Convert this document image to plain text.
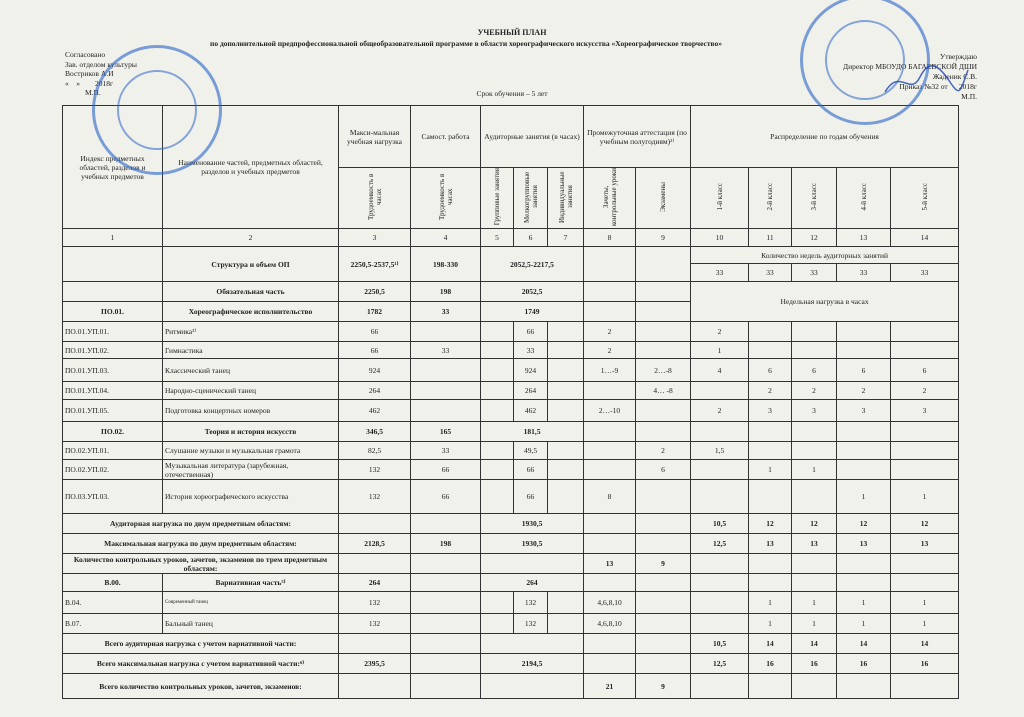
УЧЕБНЫЙ ПЛАН
по дополнительной предпрофессиональной общеобразовательной программе в области хореографического искусства «Хореографическое творчество»
Согласовано
Зав. отделом культуры
Востриков А.И
«    »        2018г
М.П.
Утверждаю
Директор МБОУДО БАГАЕВСКОЙ ДШИ
Жаденик С.В.
Приказ №32 от      2018г
М.П.
Срок обучения – 5 лет
Индекс предметных областей, разделов и учебных предметов	Наименование частей, предметных областей, разделов и учебных предметов	Макси-мальная учебная нагрузка	Самост. работа	Аудиторные занятия (в часах)			Промежуточная аттестация (по учебным полугодиям)²⁾		Распределение по годам обучения				
		Трудоемкость в часах	Трудоемкость в часах	Групповые занятия	Мелкогрупповые занятия	Индивидуальные занятия	Зачеты, контрольные уроки	Экзамены	1-й класс	2-й класс	3-й класс	4-й класс	5-й класс
1	2	3	4	5	6	7	8	9	10	11	12	13	14
	Структура и объем ОП	2250,5-2537,5¹⁾	198-330	2052,5-2217,5					Количество недель аудиторных занятий				
									33	33	33	33	33
	Обязательная часть	2250,5	198	2052,5					Недельная нагрузка в часах				
ПО.01.	Хореографическое исполнительство	1782	33	1749									
ПО.01.УП.01.	Ритмика³⁾	66			66		2		2				
ПО.01.УП.02.	Гимнастика	66	33		33		2		1				
ПО.01.УП.03.	Классический танец	924			924		1…-9	2…-8	4	6	6	6	6
ПО.01.УП.04.	Народно-сценический танец	264			264			4… -8		2	2	2	2
ПО.01.УП.05.	Подготовка концертных номеров	462			462		2…-10		2	3	3	3	3
ПО.02.	Теория и история искусств	346,5	165	181,5									
ПО.02.УП.01.	Слушание музыки и музыкальная грамота	82,5	33		49,5			2	1,5				
ПО.02.УП.02.	Музыкальная литература (зарубежная, отечественная)	132	66		66			6		1	1		
ПО.03.УП.03.	История хореографического искусства	132	66		66		8					1	1
Аудиторная нагрузка по двум предметным областям:				1930,5					10,5	12	12	12	12
Максимальная нагрузка по двум предметным областям:		2128,5	198	1930,5					12,5	13	13	13	13
Количество контрольных уроков, зачетов, экзаменов по трем предметным областям:							13	9					
В.00.	Вариативная часть⁵⁾	264		264									
В.04.	Современный танец	132			132		4,6,8,10			1	1	1	1
В.07.	Бальный танец	132			132		4,6,8,10			1	1	1	1
Всего аудиторная нагрузка с учетом вариативной части:									10,5	14	14	14	14
Всего максимальная нагрузка с учетом вариативной части:⁶⁾		2395,5		2194,5					12,5	16	16	16	16
Всего количество контрольных уроков, зачетов, экзаменов:							21	9					
